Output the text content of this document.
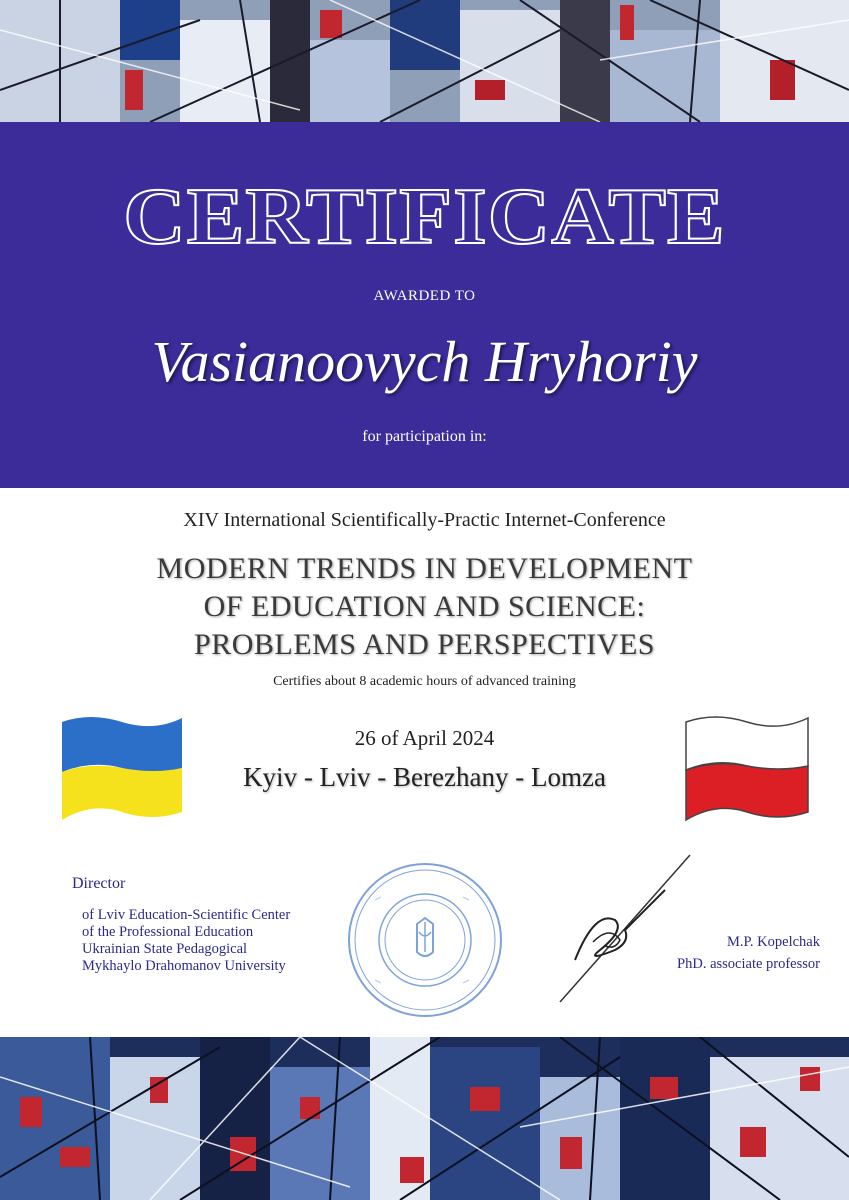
CERTIFICATE
AWARDED TO
Vasianoovych Hryhoriy
for participation in:
XIV International Scientifically-Practic Internet-Conference
MODERN TRENDS IN DEVELOPMENT
OF EDUCATION AND SCIENCE:
PROBLEMS AND PERSPECTIVES
Certifies about 8 academic hours of advanced training
26 of April 2024
Kyiv - Lviv - Berezhany - Lomza
Director
of Lviv Education-Scientific Center
of the Professional Education
Ukrainian State Pedagogical
Mykhaylo Drahomanov University
M.P. Kopelchak
PhD. associate professor
